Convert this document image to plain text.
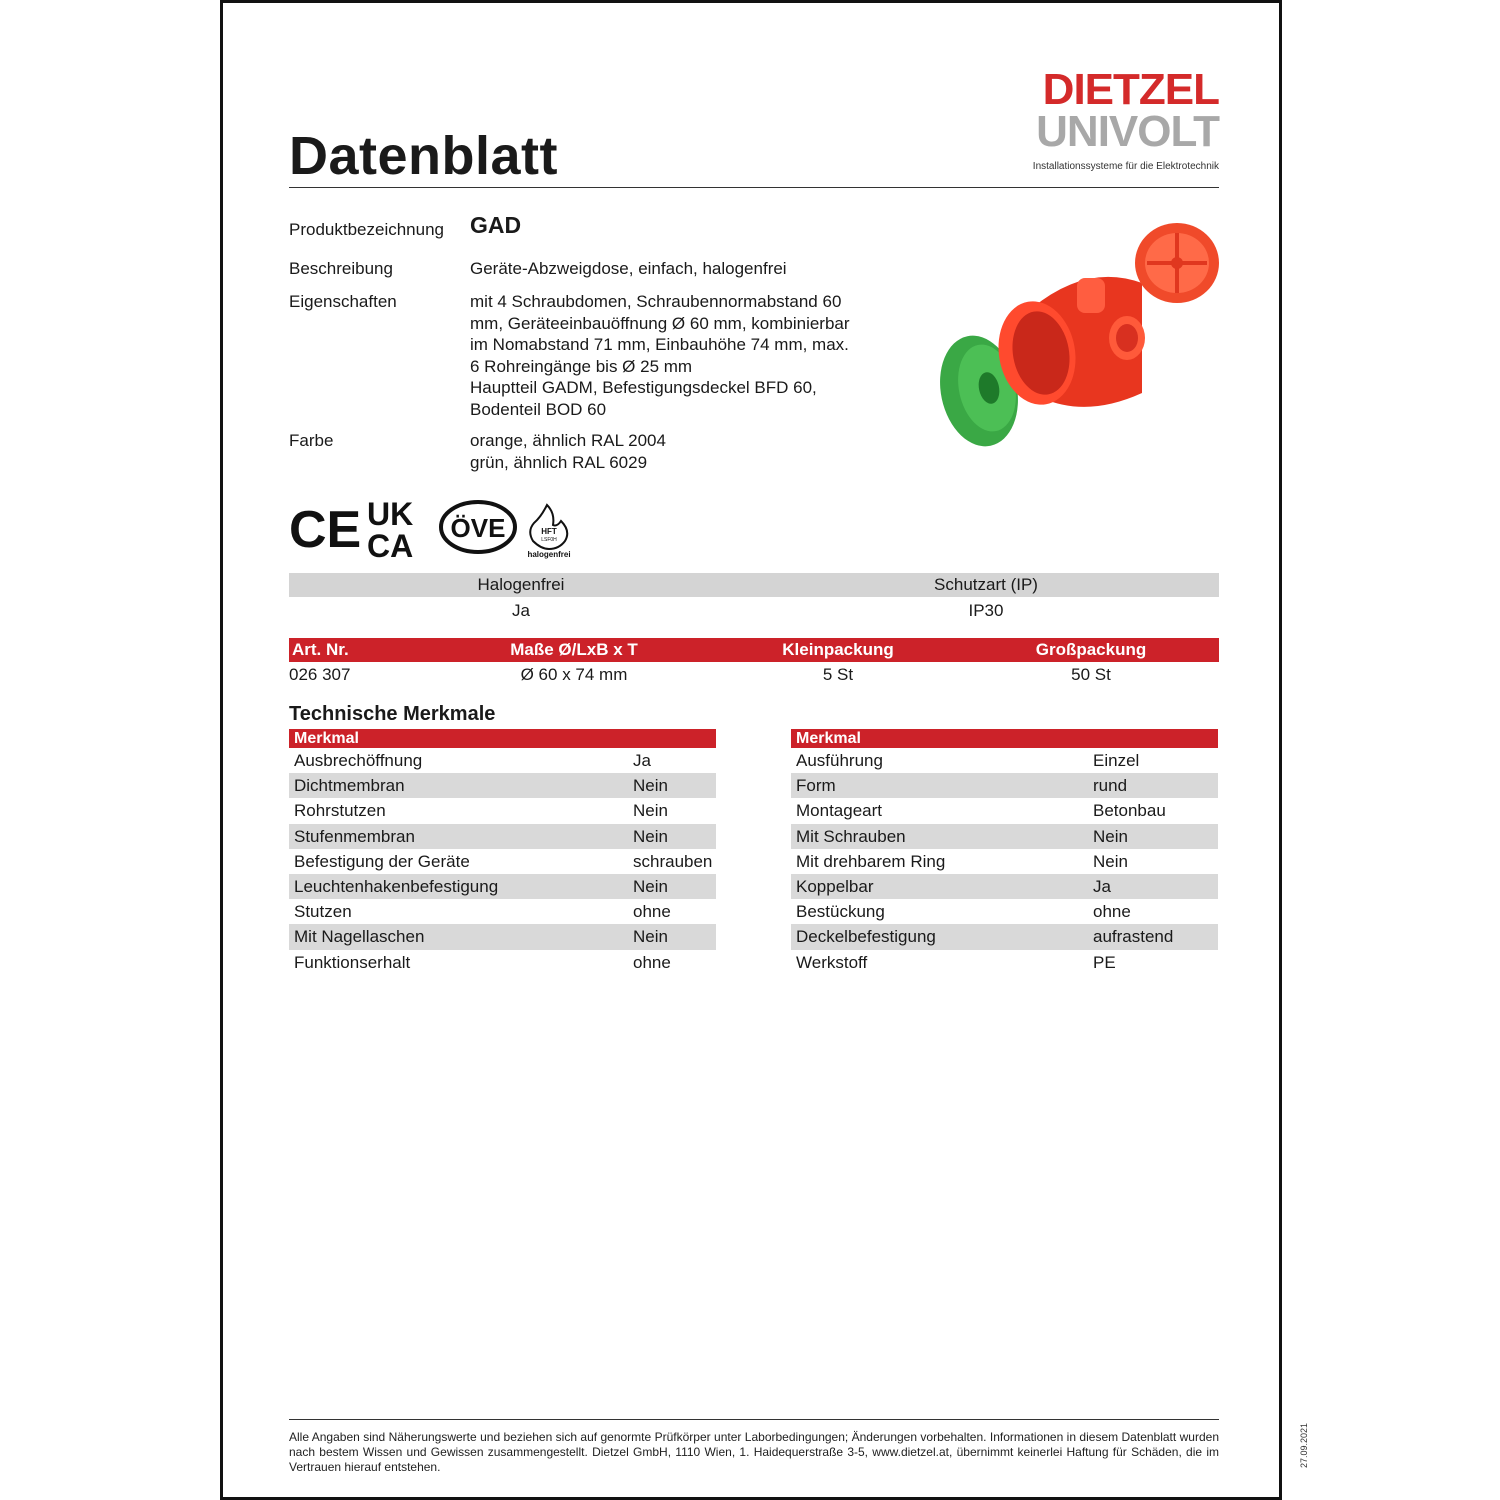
Datenblatt
DIETZEL
UNIVOLT
Installationssysteme für die Elektrotechnik
Produktbezeichnung	GAD
Beschreibung	Geräte-Abzweigdose, einfach, halogenfrei
Eigenschaften	mit 4 Schraubdomen, Schraubennormabstand 60
mm, Geräteeinbauöffnung Ø 60 mm, kombinierbar
im Nomabstand 71 mm, Einbauhöhe 74 mm, max.
6 Rohreingänge bis Ø 25 mm
Hauptteil GADM, Befestigungsdeckel BFD 60,
Bodenteil BOD 60
Farbe	orange, ähnlich RAL 2004
grün, ähnlich RAL 6029
CE UK
CA ÖVE	HFT
LSF0H
halogenfrei
Halogenfrei	Schutzart (IP)
Ja	IP30
Art. Nr.	Maße Ø/LxB x T	Kleinpackung	Großpackung
026 307	Ø 60 x 74 mm	5 St	50 St
Technische Merkmale
Merkmal
Ausbrechöffnung	Ja
Dichtmembran	Nein
Rohrstutzen	Nein
Stufenmembran	Nein
Befestigung der Geräte	schrauben
Leuchtenhakenbefestigung	Nein
Stutzen	ohne
Mit Nagellaschen	Nein
Funktionserhalt	ohne
Merkmal
Ausführung	Einzel
Form	rund
Montageart	Betonbau
Mit Schrauben	Nein
Mit drehbarem Ring	Nein
Koppelbar	Ja
Bestückung	ohne
Deckelbefestigung	aufrastend
Werkstoff	PE
Alle Angaben sind Näherungswerte und beziehen sich auf genormte Prüfkörper unter Laborbedingungen; Änderungen vorbehalten. Informationen in diesem Datenblatt wurden nach bestem Wissen und Gewissen zusammengestellt. Dietzel GmbH, 1110 Wien, 1. Haidequerstraße 3-5, www.dietzel.at, übernimmt keinerlei Haftung für Schäden, die im Vertrauen hierauf entstehen.	27.09.2021
